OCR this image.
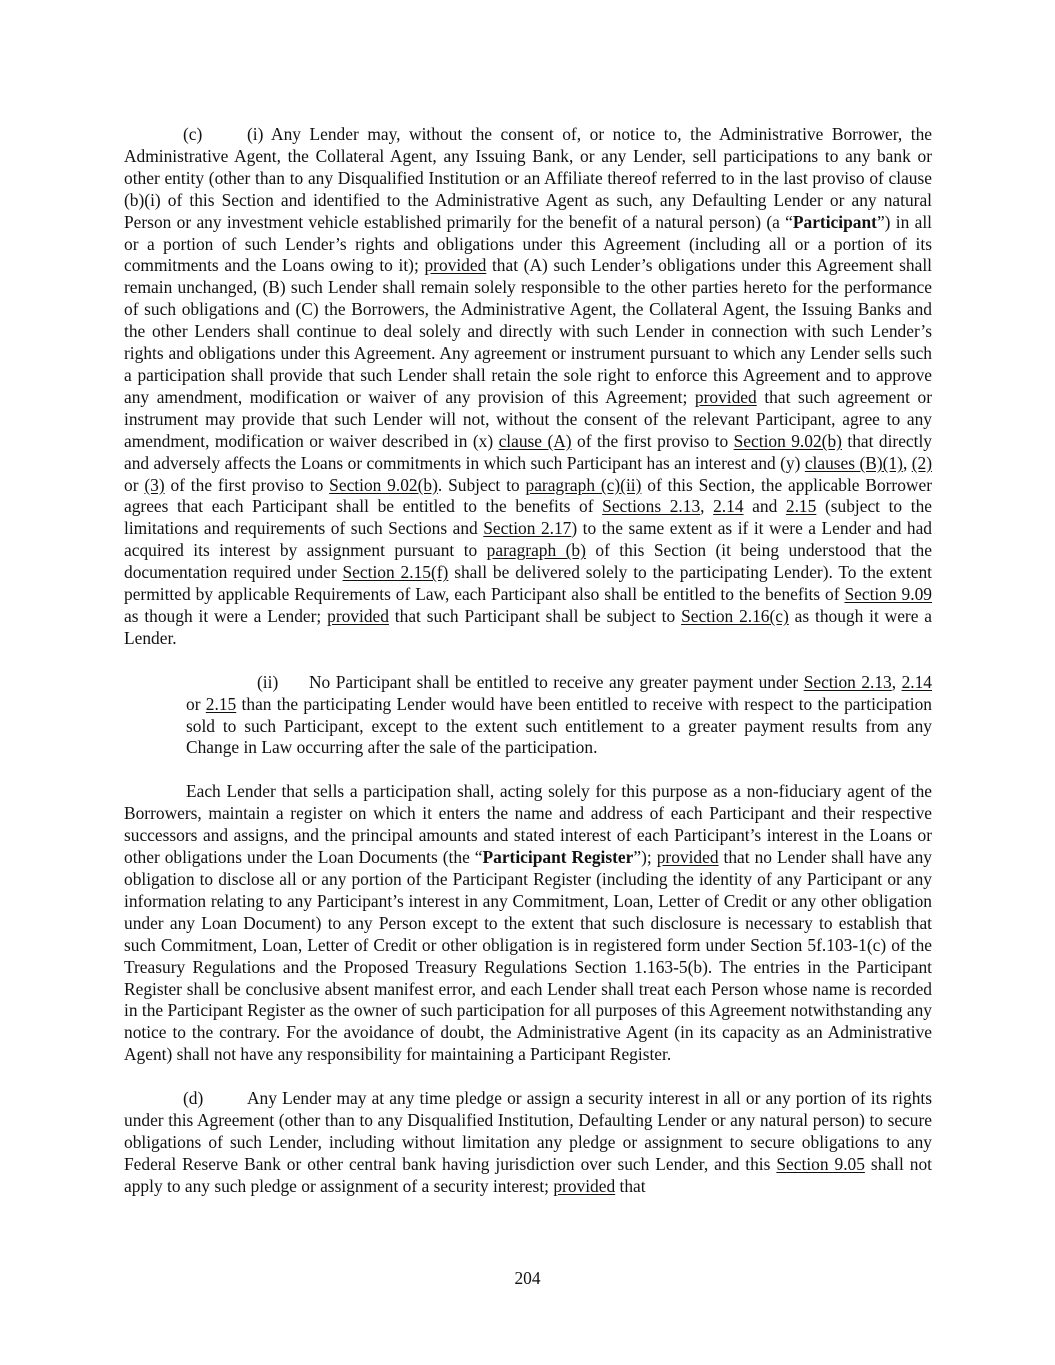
(c)	(i) Any Lender may, without the consent of, or notice to, the Administrative Borrower, the Administrative Agent, the Collateral Agent, any Issuing Bank, or any Lender, sell participations to any bank or other entity (other than to any Disqualified Institution or an Affiliate thereof referred to in the last proviso of clause (b)(i) of this Section and identified to the Administrative Agent as such, any Defaulting Lender or any natural Person or any investment vehicle established primarily for the benefit of a natural person) (a “Participant”) in all or a portion of such Lender’s rights and obligations under this Agreement (including all or a portion of its commitments and the Loans owing to it); provided that (A) such Lender’s obligations under this Agreement shall remain unchanged, (B) such Lender shall remain solely responsible to the other parties hereto for the performance of such obligations and (C) the Borrowers, the Administrative Agent, the Collateral Agent, the Issuing Banks and the other Lenders shall continue to deal solely and directly with such Lender in connection with such Lender’s rights and obligations under this Agreement. Any agreement or instrument pursuant to which any Lender sells such a participation shall provide that such Lender shall retain the sole right to enforce this Agreement and to approve any amendment, modification or waiver of any provision of this Agreement; provided that such agreement or instrument may provide that such Lender will not, without the consent of the relevant Participant, agree to any amendment, modification or waiver described in (x) clause (A) of the first proviso to Section 9.02(b) that directly and adversely affects the Loans or commitments in which such Participant has an interest and (y) clauses (B)(1), (2) or (3) of the first proviso to Section 9.02(b). Subject to paragraph (c)(ii) of this Section, the applicable Borrower agrees that each Participant shall be entitled to the benefits of Sections 2.13, 2.14 and 2.15 (subject to the limitations and requirements of such Sections and Section 2.17) to the same extent as if it were a Lender and had acquired its interest by assignment pursuant to paragraph (b) of this Section (it being understood that the documentation required under Section 2.15(f) shall be delivered solely to the participating Lender). To the extent permitted by applicable Requirements of Law, each Participant also shall be entitled to the benefits of Section 9.09 as though it were a Lender; provided that such Participant shall be subject to Section 2.16(c) as though it were a Lender.

(ii) No Participant shall be entitled to receive any greater payment under Section 2.13, 2.14 or 2.15 than the participating Lender would have been entitled to receive with respect to the participation sold to such Participant, except to the extent such entitlement to a greater payment results from any Change in Law occurring after the sale of the participation.

Each Lender that sells a participation shall, acting solely for this purpose as a non-fiduciary agent of the Borrowers, maintain a register on which it enters the name and address of each Participant and their respective successors and assigns, and the principal amounts and stated interest of each Participant’s interest in the Loans or other obligations under the Loan Documents (the “Participant Register”); provided that no Lender shall have any obligation to disclose all or any portion of the Participant Register (including the identity of any Participant or any information relating to any Participant’s interest in any Commitment, Loan, Letter of Credit or any other obligation under any Loan Document) to any Person except to the extent that such disclosure is necessary to establish that such Commitment, Loan, Letter of Credit or other obligation is in registered form under Section 5f.103-1(c) of the Treasury Regulations and the Proposed Treasury Regulations Section 1.163-5(b). The entries in the Participant Register shall be conclusive absent manifest error, and each Lender shall treat each Person whose name is recorded in the Participant Register as the owner of such participation for all purposes of this Agreement notwithstanding any notice to the contrary. For the avoidance of doubt, the Administrative Agent (in its capacity as an Administrative Agent) shall not have any responsibility for maintaining a Participant Register.

(d)	Any Lender may at any time pledge or assign a security interest in all or any portion of its rights under this Agreement (other than to any Disqualified Institution, Defaulting Lender or any natural person) to secure obligations of such Lender, including without limitation any pledge or assignment to secure obligations to any Federal Reserve Bank or other central bank having jurisdiction over such Lender, and this Section 9.05 shall not apply to any such pledge or assignment of a security interest; provided that

204
